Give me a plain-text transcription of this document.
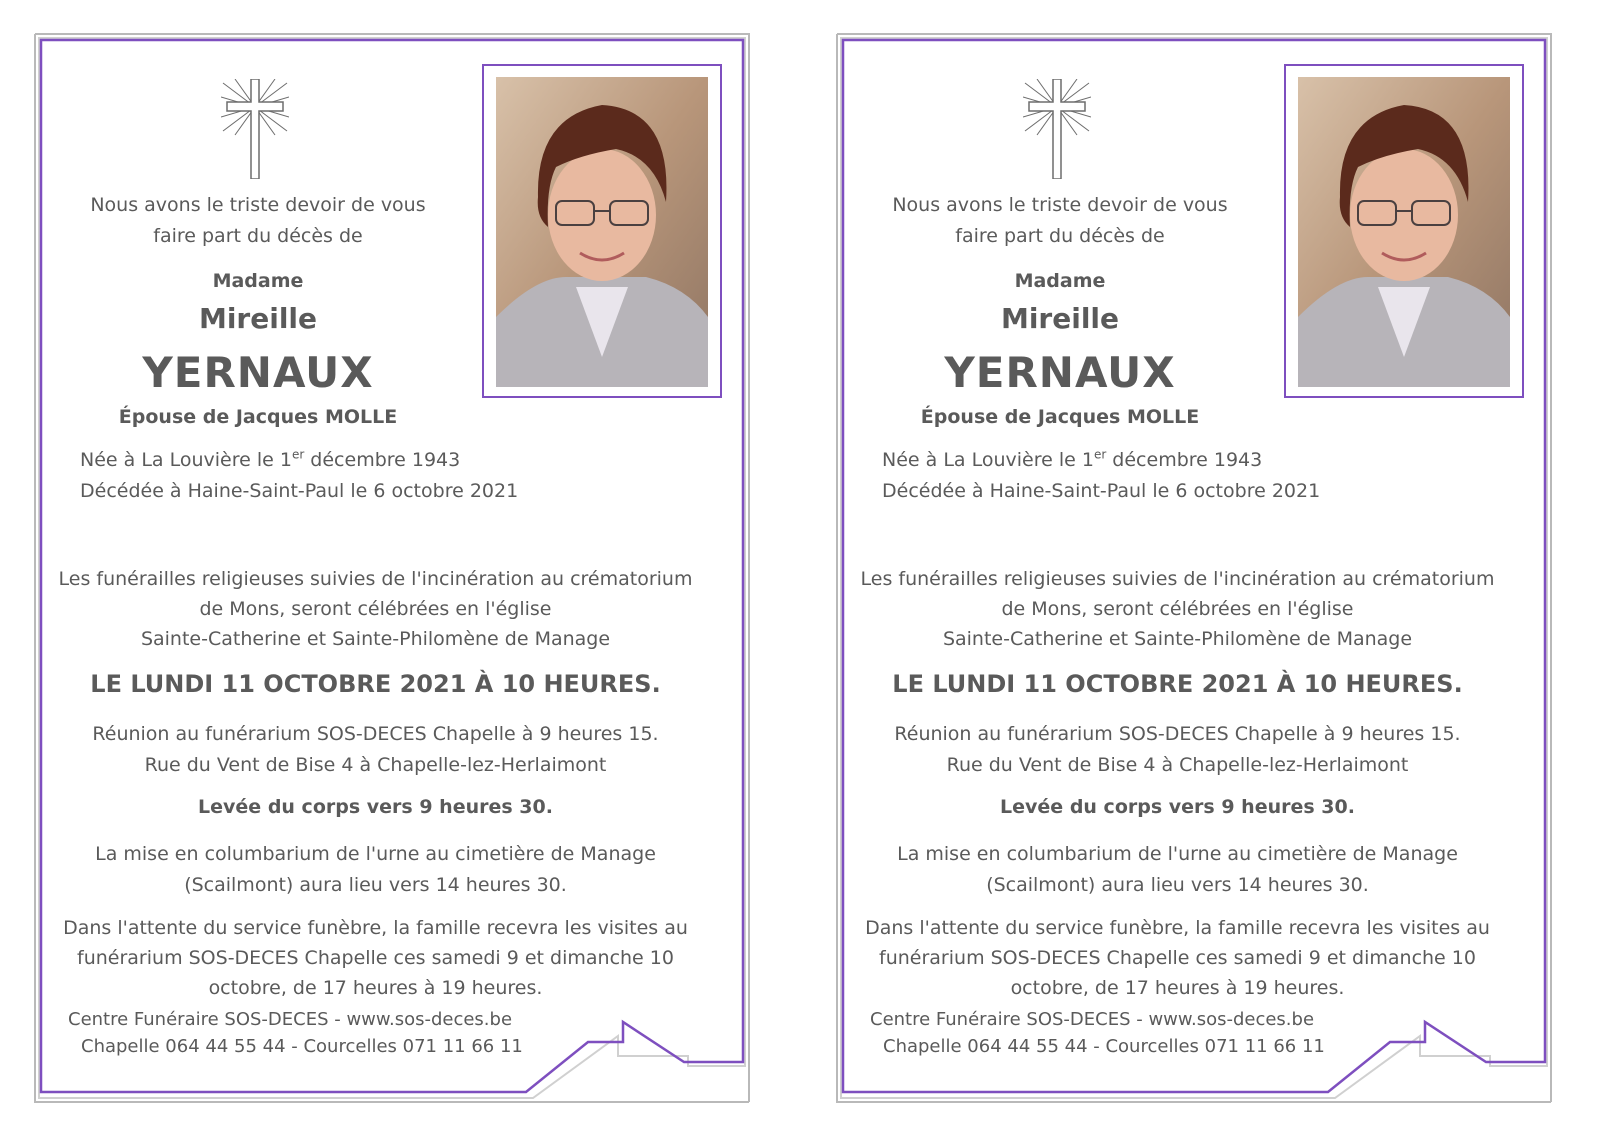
Nous avons le triste devoir de vous
faire part du décès de
Madame
Mireille
YERNAUX
Épouse de Jacques MOLLE
Née à La Louvière le 1er décembre 1943
Décédée à Haine-Saint-Paul le 6 octobre 2021
Les funérailles religieuses suivies de l'incinération au crématorium
de Mons, seront célébrées en l'église
Sainte-Catherine et Sainte-Philomène de Manage
LE LUNDI 11 OCTOBRE 2021 À 10 HEURES.
Réunion au funérarium SOS-DECES Chapelle à 9 heures 15.
Rue du Vent de Bise 4 à Chapelle-lez-Herlaimont
Levée du corps vers 9 heures 30.
La mise en columbarium de l'urne au cimetière de Manage
(Scailmont) aura lieu vers 14 heures 30.
Dans l'attente du service funèbre, la famille recevra les visites au
funérarium SOS-DECES Chapelle ces samedi 9 et dimanche 10
octobre, de 17 heures à 19 heures.
Centre Funéraire SOS-DECES - www.sos-deces.be
Chapelle 064 44 55 44 - Courcelles 071 11 66 11
Nous avons le triste devoir de vous
faire part du décès de
Madame
Mireille
YERNAUX
Épouse de Jacques MOLLE
Née à La Louvière le 1er décembre 1943
Décédée à Haine-Saint-Paul le 6 octobre 2021
Les funérailles religieuses suivies de l'incinération au crématorium
de Mons, seront célébrées en l'église
Sainte-Catherine et Sainte-Philomène de Manage
LE LUNDI 11 OCTOBRE 2021 À 10 HEURES.
Réunion au funérarium SOS-DECES Chapelle à 9 heures 15.
Rue du Vent de Bise 4 à Chapelle-lez-Herlaimont
Levée du corps vers 9 heures 30.
La mise en columbarium de l'urne au cimetière de Manage
(Scailmont) aura lieu vers 14 heures 30.
Dans l'attente du service funèbre, la famille recevra les visites au
funérarium SOS-DECES Chapelle ces samedi 9 et dimanche 10
octobre, de 17 heures à 19 heures.
Centre Funéraire SOS-DECES - www.sos-deces.be
Chapelle 064 44 55 44 - Courcelles 071 11 66 11
